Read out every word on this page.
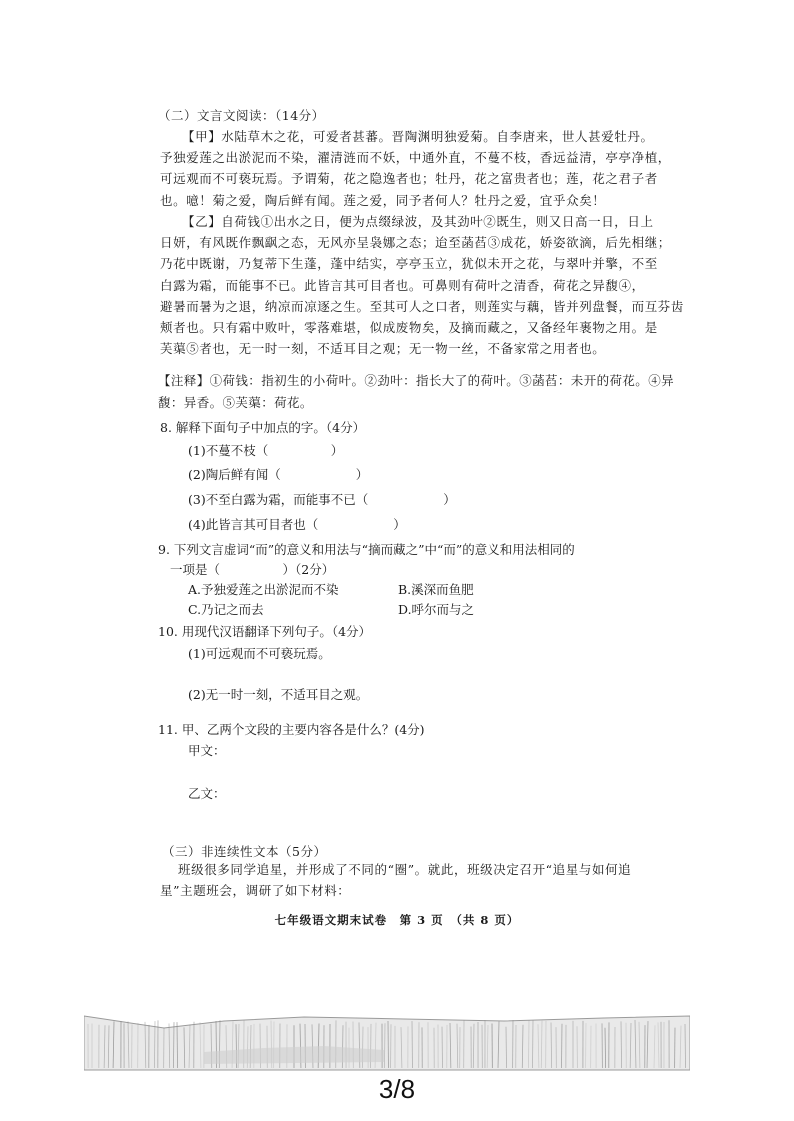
（二）文言文阅读：（14分）
【甲】水陆草木之花，可爱者甚蕃。晋陶渊明独爱菊。自李唐来，世人甚爱牡丹。
予独爱莲之出淤泥而不染，濯清涟而不妖，中通外直，不蔓不枝，香远益清，亭亭净植，
可远观而不可亵玩焉。予谓菊，花之隐逸者也；牡丹，花之富贵者也；莲，花之君子者
也。噫！菊之爱，陶后鲜有闻。莲之爱，同予者何人？牡丹之爱，宜乎众矣！
【乙】自荷钱①出水之日，便为点缀绿波，及其劲叶②既生，则又日高一日，日上
日妍，有风既作飘飖之态，无风亦呈袅娜之态；迨至菡萏③成花，娇姿欲滴，后先相继；
乃花中既谢，乃复蒂下生蓬，蓬中结实，亭亭玉立，犹似未开之花，与翠叶并擎，不至
白露为霜，而能事不已。此皆言其可目者也。可鼻则有荷叶之清香，荷花之异馥④，
避暑而暑为之退，纳凉而凉逐之生。至其可人之口者，则莲实与藕，皆并列盘餐，而互芬齿
颊者也。只有霜中败叶，零落难堪，似成废物矣，及摘而藏之，又备经年裹物之用。是
芙蕖⑤者也，无一时一刻，不适耳目之观；无一物一丝，不备家常之用者也。
【注释】①荷钱：指初生的小荷叶。②劲叶：指长大了的荷叶。③菡萏：未开的荷花。④异
馥：异香。⑤芙蕖：荷花。
8. 解释下面句子中加点的字。（4分）
(1)不蔓不枝（　　　　　）
(2)陶后鲜有闻（　　　　　　）
(3)不至白露为霜，而能事不已（　　　　　　）
(4)此皆言其可目者也（　　　　　　）
9. 下列文言虚词“而”的意义和用法与“摘而藏之”中“而”的意义和用法相同的
一项是（　　　　　）（2分）
A.予独爱莲之出淤泥而不染	B.溪深而鱼肥
C.乃记之而去	D.呼尔而与之
10. 用现代汉语翻译下列句子。（4分）
(1)可远观而不可亵玩焉。
(2)无一时一刻，不适耳目之观。
11. 甲、乙两个文段的主要内容各是什么？(4分)
甲文：
乙文：
（三）非连续性文本（5分）
班级很多同学追星，并形成了不同的“圈”。就此，班级决定召开“追星与如何追
星”主题班会，调研了如下材料：
七年级语文期末试卷　第 3 页　（共 8 页）
3/8
